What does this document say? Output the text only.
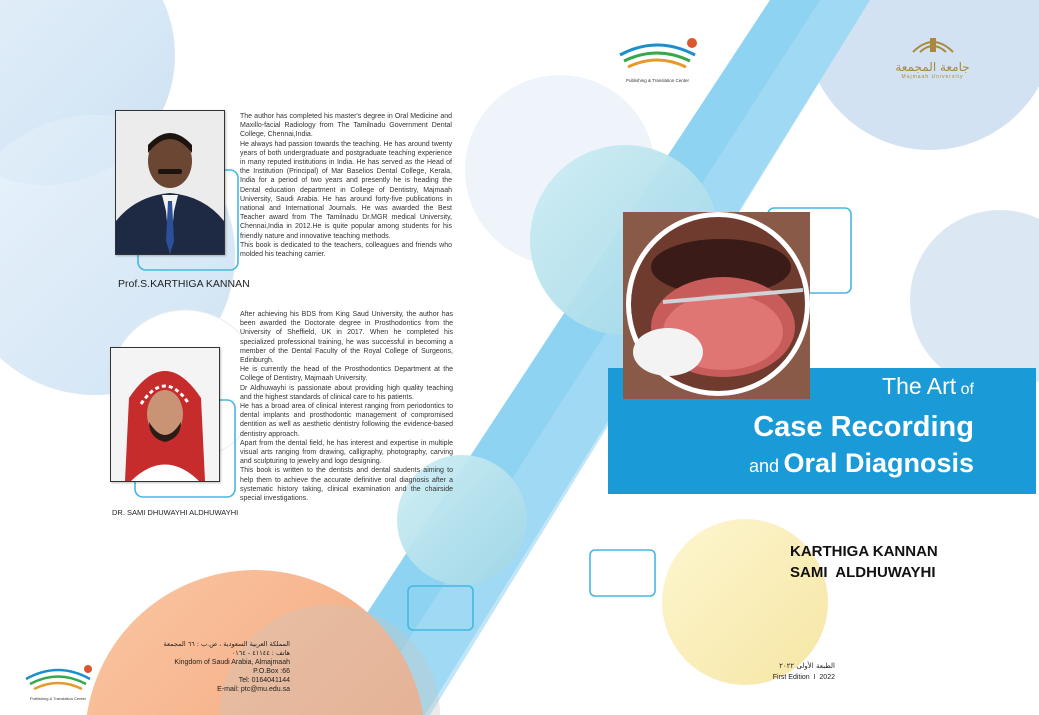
Publishing & Translation Center
جامعة المجمعة
Majmaah University
Publishing & Translation Center
Prof.S.KARTHIGA KANNAN

The author has completed his master's degree in Oral Medicine and Maxillo-facial Radiology from The Tamilnadu Government Dental College, Chennai,India.

He always had passion towards the teaching. He has around twenty years of both undergraduate and postgraduate teaching experience in many reputed institutions in India. He has served as the Head of the Institution (Principal) of Mar Baselios Dental College, Kerala, India for a period of two years and presently he is heading the Dental education department in College of Dentistry, Majmaah University, Saudi Arabia. He has around forty-five publications in national and International Journals. He was awarded the Best Teacher award from The Tamilnadu Dr.MGR medical University, Chennai,India in 2012.He is quite popular among students for his friendly nature and innovative teaching methods.

This book is dedicated to the teachers, colleagues and friends who molded his teaching carrier.

DR. SAMI DHUWAYHI ALDHUWAYHI

After achieving his BDS from King Saud University, the author has been awarded the Doctorate degree in Prosthodontics from the University of Sheffield, UK in 2017. When he completed his specialized professional training, he was successful in becoming a member of the Dental Faculty of the Royal College of Surgeons, Edinburgh.

He is currently the head of the Prosthodontics Department at the College of Dentistry, Majmaah University.

Dr Aldhuwayhi is passionate about providing high quality teaching and the highest standards of clinical care to his patients.

He has a broad area of clinical interest ranging from periodontics to dental implants and prosthodontic management of compromised dentition as well as aesthetic dentistry following the evidence-based dentistry approach.

Apart from the dental field, he has interest and expertise in multiple visual arts ranging from drawing, calligraphy, photography, carving and sculpturing to jewelry and logo designing.

This book is written to the dentists and dental students aiming to help them to achieve the accurate definitive oral diagnosis after a systematic history taking, clinical examination and the chairside special investigations.

The Art of
Case Recording
and Oral Diagnosis
KARTHIGA KANNAN
SAMI  ALDHUWAYHI
الطبعة الأولى ٢٠٢٢
First Edition  I  2022
المملكة العربية السعودية ، ص.ب : ٦٦ المجمعة
هاتف : ٤١١٤٤ - ٠١٦٤
Kingdom of Saudi Arabia, Almajmaah
P.O.Box :66
Tel: 0164041144
E-mail: ptc@mu.edu.sa
